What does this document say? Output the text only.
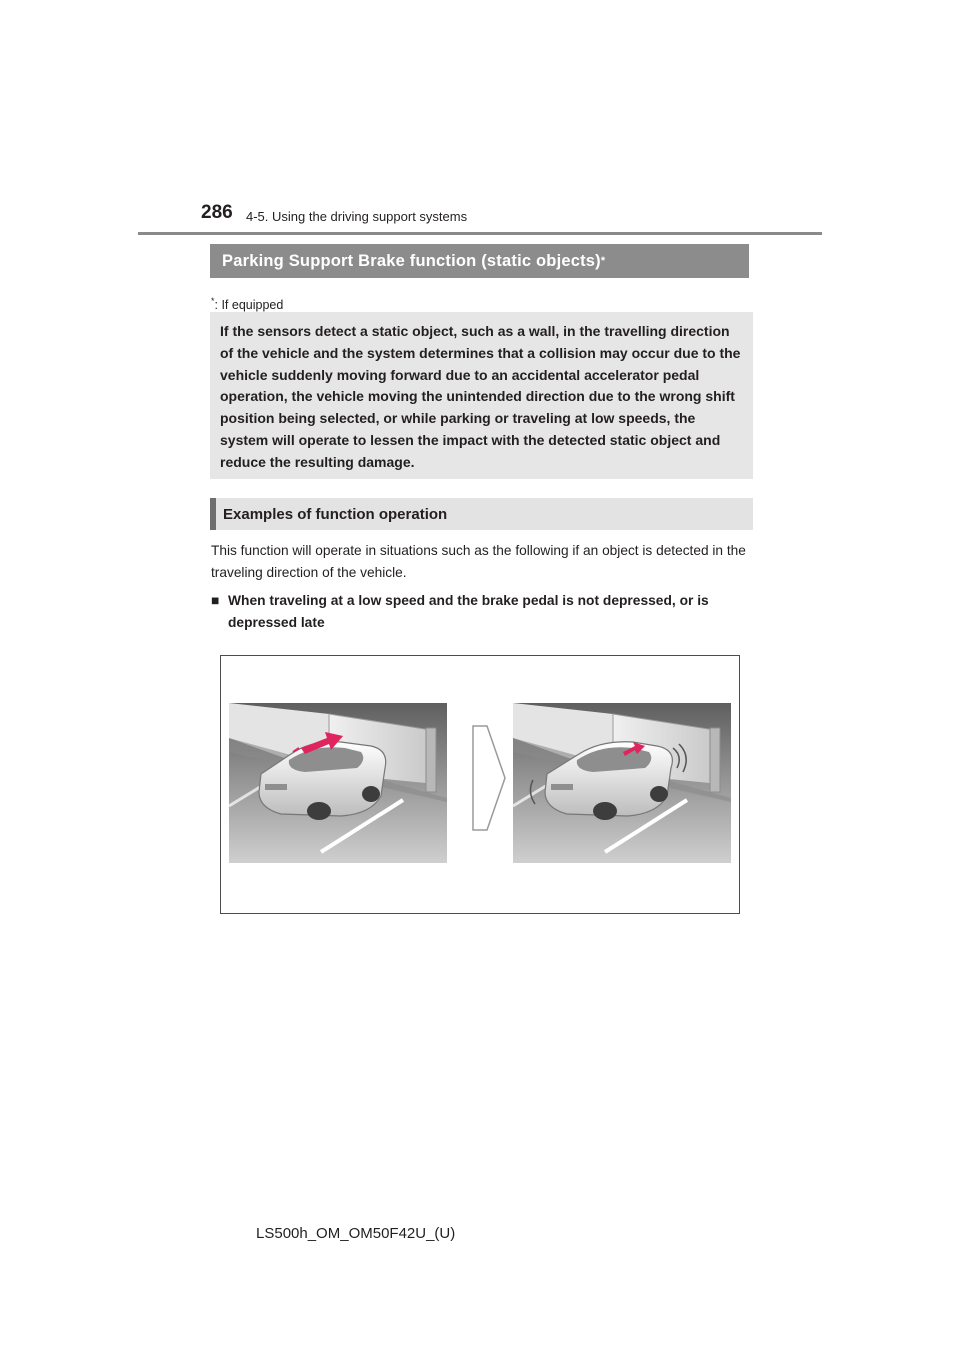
286 4-5. Using the driving support systems
Parking Support Brake function (static objects) *
*: If equipped
If the sensors detect a static object, such as a wall, in the travelling direction of the vehicle and the system determines that a collision may occur due to the vehicle suddenly moving forward due to an accidental accelerator pedal operation, the vehicle moving the unintended direction due to the wrong shift position being selected, or while parking or traveling at low speeds, the system will operate to lessen the impact with the detected static object and reduce the resulting damage.
Examples of function operation
This function will operate in situations such as the following if an object is detected in the traveling direction of the vehicle.
■ When traveling at a low speed and the brake pedal is not depressed, or is depressed late
LS500h_OM_OM50F42U_(U)
